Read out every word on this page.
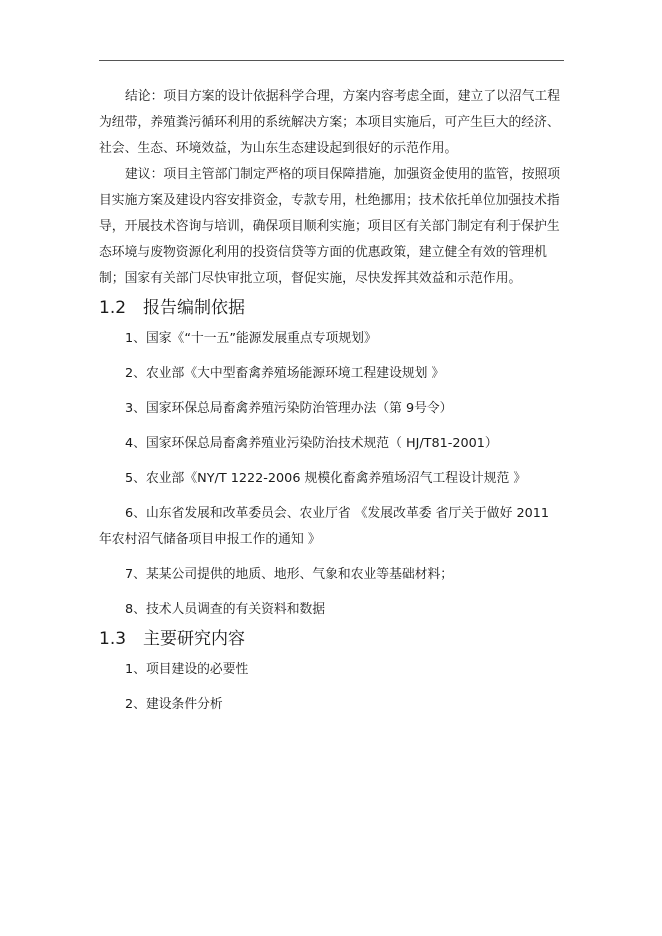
结论：项目方案的设计依据科学合理，方案内容考虑全面，建立了以沼气工程为纽带，养殖粪污循环利用的系统解决方案；本项目实施后，可产生巨大的经济、社会、生态、环境效益，为山东生态建设起到很好的示范作用。

建议：项目主管部门制定严格的项目保障措施，加强资金使用的监管，按照项目实施方案及建设内容安排资金，专款专用，杜绝挪用；技术依托单位加强技术指导，开展技术咨询与培训，确保项目顺利实施；项目区有关部门制定有利于保护生态环境与废物资源化利用的投资信贷等方面的优惠政策，建立健全有效的管理机制；国家有关部门尽快审批立项，督促实施，尽快发挥其效益和示范作用。

1.2 报告编制依据

1、国家《“十一五”能源发展重点专项规划》

2、农业部《大中型畜禽养殖场能源环境工程建设规划 》

3、国家环保总局畜禽养殖污染防治管理办法（第 9号令）

4、国家环保总局畜禽养殖业污染防治技术规范（ HJ/T81-2001）

5、农业部《NY/T 1222-2006 规模化畜禽养殖场沼气工程设计规范 》

6、山东省发展和改革委员会、农业厅省 《发展改革委 省厅关于做好 2011年农村沼气储备项目申报工作的通知 》

7、某某公司提供的地质、地形、气象和农业等基础材料；

8、技术人员调查的有关资料和数据

1.3 主要研究内容

1、项目建设的必要性

2、建设条件分析
